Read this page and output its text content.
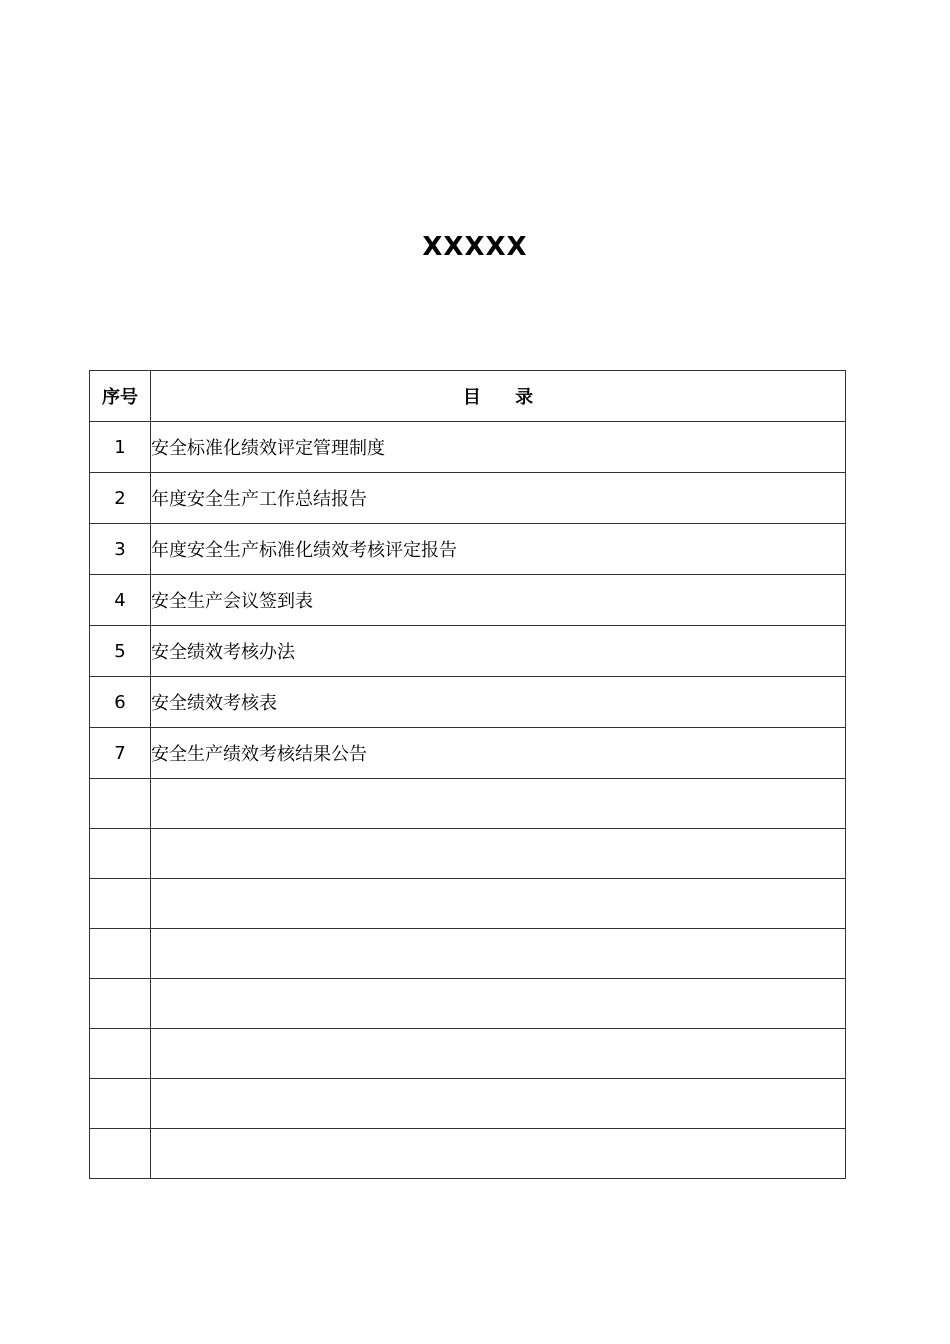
XXXXX
序号	目 录
1	安全标准化绩效评定管理制度
2	年度安全生产工作总结报告
3	年度安全生产标准化绩效考核评定报告
4	安全生产会议签到表
5	安全绩效考核办法
6	安全绩效考核表
7	安全生产绩效考核结果公告
